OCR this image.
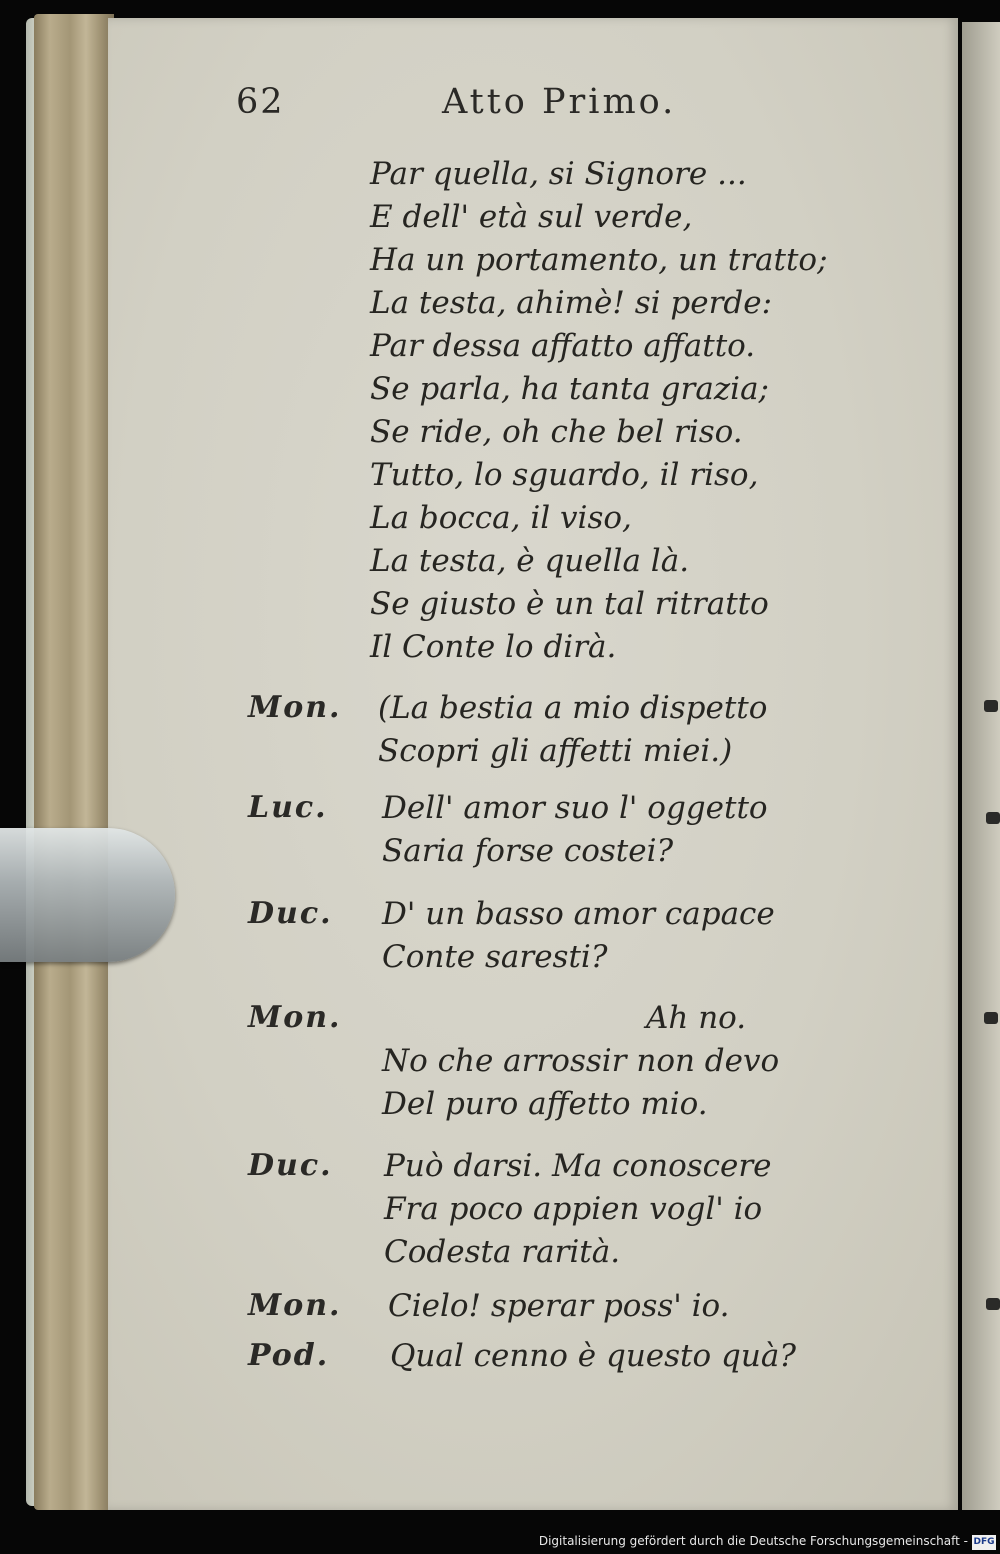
62	Atto Primo.
Par quella, si Signore ...
E dell' età sul verde,
Ha un portamento, un tratto;
La testa, ahimè! si perde:
Par dessa affatto affatto.
Se parla, ha tanta grazia;
Se ride, oh che bel riso.
Tutto, lo sguardo, il riso,
La bocca, il viso,
La testa, è quella là.
Se giusto è un tal ritratto
Il Conte lo dirà.
Mon. (La bestia a mio dispetto
Scopri gli affetti miei.)
Luc. Dell' amor suo l' oggetto
Saria forse costei?
Duc. D' un basso amor capace
Conte saresti?
Mon.	Ah no.
No che arrossir non devo
Del puro affetto mio.
Duc. Può darsi. Ma conoscere
Fra poco appien vogl' io
Codesta rarità.
Mon. Cielo! sperar poss' io.
Pod. Qual cenno è questo quà?
Digitalisierung gefördert durch die Deutsche Forschungsgemeinschaft - DFG
